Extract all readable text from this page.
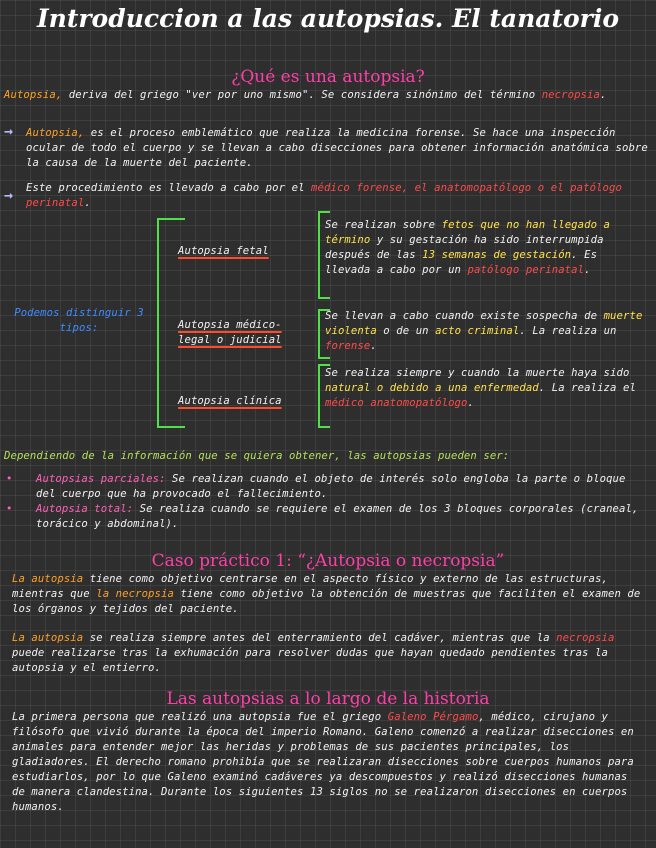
Introduccion a las autopsias. El tanatorio
¿Qué es una autopsia?

Autopsia, deriva del griego "ver por uno mismo". Se considera sinónimo del término necropsia.

→ Autopsia, es el proceso emblemático que realiza la medicina forense. Se hace una inspección ocular de todo el cuerpo y se llevan a cabo disecciones para obtener información anatómica sobre la causa de la muerte del paciente.

→ Este procedimiento es llevado a cabo por el médico forense, el anatomopatólogo o el patólogo perinatal.

Podemos distinguir 3 tipos:

Autopsia fetal

Autopsia médico-legal o judicial

Autopsia clínica

Se realizan sobre fetos que no han llegado a término y su gestación ha sido interrumpida después de las 13 semanas de gestación. Es llevada a cabo por un patólogo perinatal.

Se llevan a cabo cuando existe sospecha de muerte violenta o de un acto criminal. La realiza un forense.

Se realiza siempre y cuando la muerte haya sido natural o debido a una enfermedad. La realiza el médico anatomopatólogo.

Dependiendo de la información que se quiera obtener, las autopsias pueden ser:

• Autopsias parciales: Se realizan cuando el objeto de interés solo engloba la parte o bloque del cuerpo que ha provocado el fallecimiento.

• Autopsia total: Se realiza cuando se requiere el examen de los 3 bloques corporales (craneal, torácico y abdominal).

Caso práctico 1: “¿Autopsia o necropsia”

La autopsia tiene como objetivo centrarse en el aspecto físico y externo de las estructuras, mientras que la necropsia tiene como objetivo la obtención de muestras que faciliten el examen de los órganos y tejidos del paciente.

La autopsia se realiza siempre antes del enterramiento del cadáver, mientras que la necropsia puede realizarse tras la exhumación para resolver dudas que hayan quedado pendientes tras la autopsia y el entierro.

Las autopsias a lo largo de la historia

La primera persona que realizó una autopsia fue el griego Galeno Pérgamo, médico, cirujano y filósofo que vivió durante la época del imperio Romano. Galeno comenzó a realizar disecciones en animales para entender mejor las heridas y problemas de sus pacientes principales, los gladiadores. El derecho romano prohibía que se realizaran disecciones sobre cuerpos humanos para estudiarlos, por lo que Galeno examinó cadáveres ya descompuestos y realizó disecciones humanas de manera clandestina. Durante los siguientes 13 siglos no se realizaron disecciones en cuerpos humanos.
